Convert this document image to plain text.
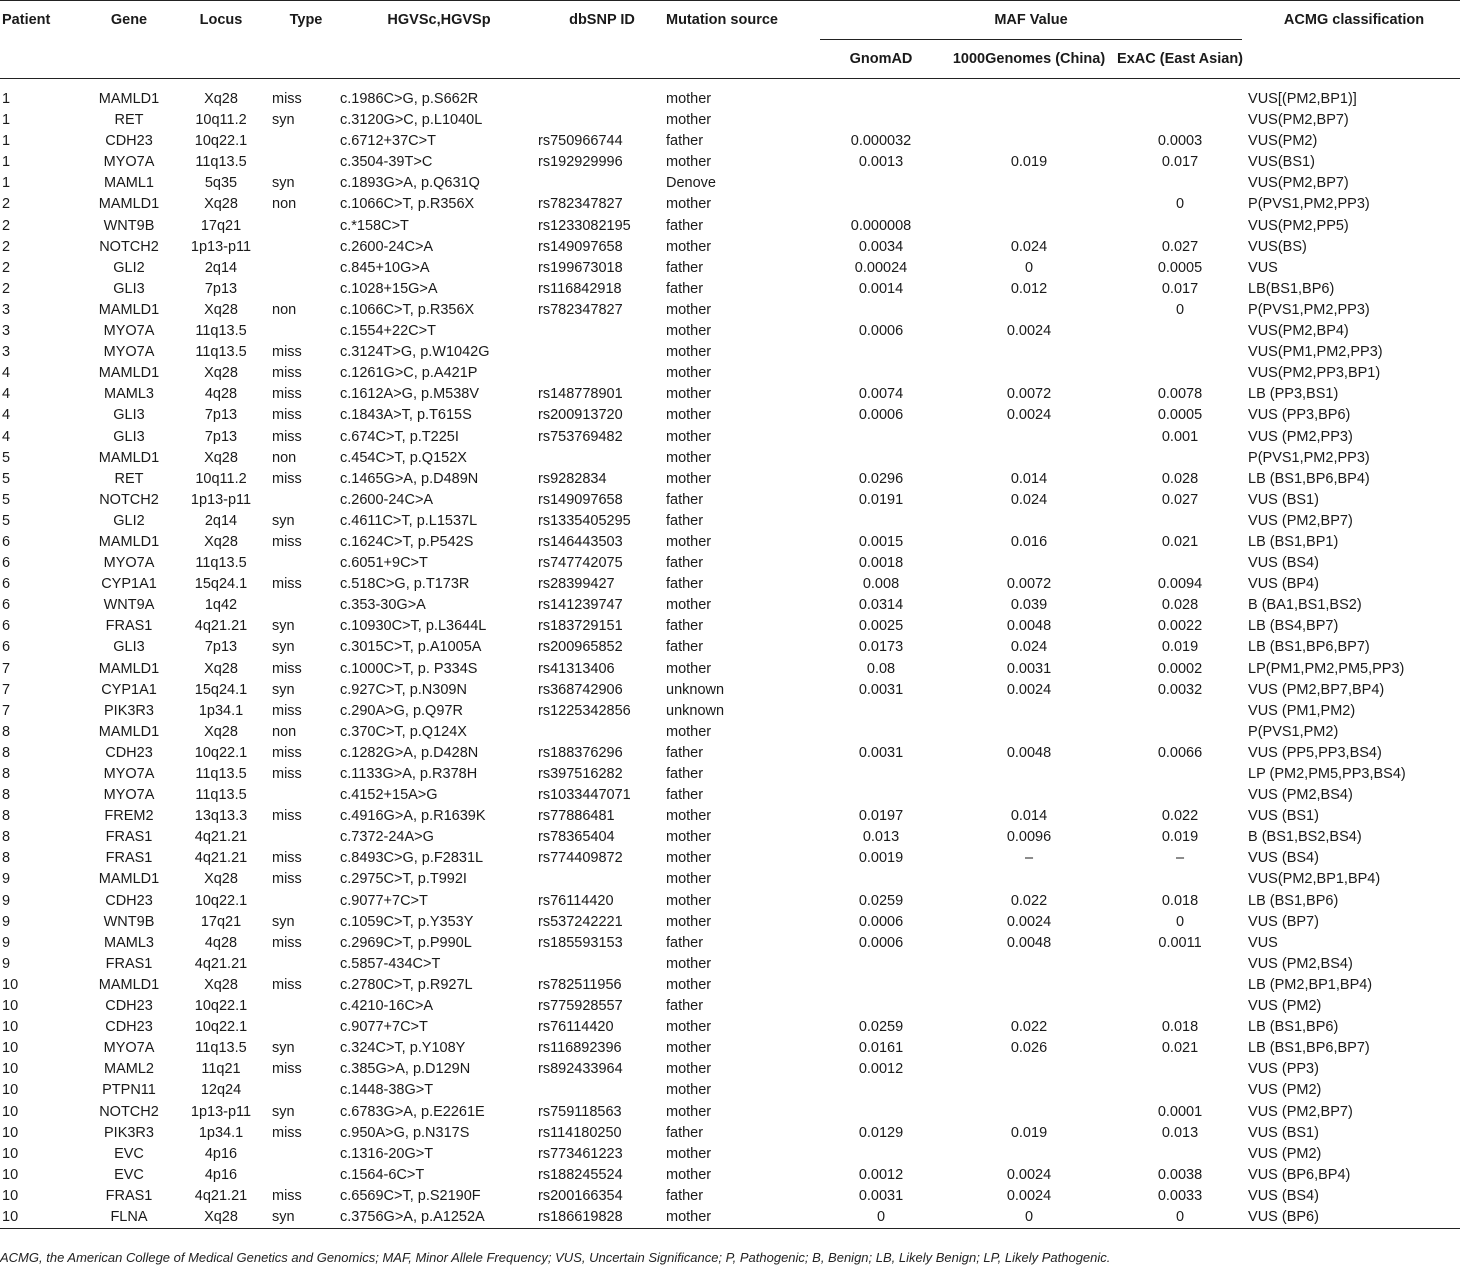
Patient	Gene	Locus	Type	HGVSc,HGVSp	dbSNP ID	Mutation source	MAF Value			ACMG classification
							GnomAD	1000Genomes (China)	ExAC (East Asian)	

1	MAMLD1	Xq28	miss	c.1986C>G, p.S662R		mother				VUS[(PM2,BP1)]
1	RET	10q11.2	syn	c.3120G>C, p.L1040L		mother				VUS(PM2,BP7)
1	CDH23	10q22.1		c.6712+37C>T	rs750966744	father	0.000032		0.0003	VUS(PM2)
1	MYO7A	11q13.5		c.3504-39T>C	rs192929996	mother	0.0013	0.019	0.017	VUS(BS1)
1	MAML1	5q35	syn	c.1893G>A, p.Q631Q		Denove				VUS(PM2,BP7)
2	MAMLD1	Xq28	non	c.1066C>T, p.R356X	rs782347827	mother			0	P(PVS1,PM2,PP3)
2	WNT9B	17q21		c.*158C>T	rs1233082195	father	0.000008			VUS(PM2,PP5)
2	NOTCH2	1p13-p11		c.2600-24C>A	rs149097658	mother	0.0034	0.024	0.027	VUS(BS)
2	GLI2	2q14		c.845+10G>A	rs199673018	father	0.00024	0	0.0005	VUS
2	GLI3	7p13		c.1028+15G>A	rs116842918	father	0.0014	0.012	0.017	LB(BS1,BP6)
3	MAMLD1	Xq28	non	c.1066C>T, p.R356X	rs782347827	mother			0	P(PVS1,PM2,PP3)
3	MYO7A	11q13.5		c.1554+22C>T		mother	0.0006	0.0024		VUS(PM2,BP4)
3	MYO7A	11q13.5	miss	c.3124T>G, p.W1042G		mother				VUS(PM1,PM2,PP3)
4	MAMLD1	Xq28	miss	c.1261G>C, p.A421P		mother				VUS(PM2,PP3,BP1)
4	MAML3	4q28	miss	c.1612A>G, p.M538V	rs148778901	mother	0.0074	0.0072	0.0078	LB (PP3,BS1)
4	GLI3	7p13	miss	c.1843A>T, p.T615S	rs200913720	mother	0.0006	0.0024	0.0005	VUS (PP3,BP6)
4	GLI3	7p13	miss	c.674C>T, p.T225I	rs753769482	mother			0.001	VUS (PM2,PP3)
5	MAMLD1	Xq28	non	c.454C>T, p.Q152X		mother				P(PVS1,PM2,PP3)
5	RET	10q11.2	miss	c.1465G>A, p.D489N	rs9282834	mother	0.0296	0.014	0.028	LB (BS1,BP6,BP4)
5	NOTCH2	1p13-p11		c.2600-24C>A	rs149097658	father	0.0191	0.024	0.027	VUS (BS1)
5	GLI2	2q14	syn	c.4611C>T, p.L1537L	rs1335405295	father				VUS (PM2,BP7)
6	MAMLD1	Xq28	miss	c.1624C>T, p.P542S	rs146443503	mother	0.0015	0.016	0.021	LB (BS1,BP1)
6	MYO7A	11q13.5		c.6051+9C>T	rs747742075	father	0.0018			VUS (BS4)
6	CYP1A1	15q24.1	miss	c.518C>G, p.T173R	rs28399427	father	0.008	0.0072	0.0094	VUS (BP4)
6	WNT9A	1q42		c.353-30G>A	rs141239747	mother	0.0314	0.039	0.028	B (BA1,BS1,BS2)
6	FRAS1	4q21.21	syn	c.10930C>T, p.L3644L	rs183729151	father	0.0025	0.0048	0.0022	LB (BS4,BP7)
6	GLI3	7p13	syn	c.3015C>T, p.A1005A	rs200965852	father	0.0173	0.024	0.019	LB (BS1,BP6,BP7)
7	MAMLD1	Xq28	miss	c.1000C>T, p. P334S	rs41313406	mother	0.08	0.0031	0.0002	LP(PM1,PM2,PM5,PP3)
7	CYP1A1	15q24.1	syn	c.927C>T, p.N309N	rs368742906	unknown	0.0031	0.0024	0.0032	VUS (PM2,BP7,BP4)
7	PIK3R3	1p34.1	miss	c.290A>G, p.Q97R	rs1225342856	unknown				VUS (PM1,PM2)
8	MAMLD1	Xq28	non	c.370C>T, p.Q124X		mother				P(PVS1,PM2)
8	CDH23	10q22.1	miss	c.1282G>A, p.D428N	rs188376296	father	0.0031	0.0048	0.0066	VUS (PP5,PP3,BS4)
8	MYO7A	11q13.5	miss	c.1133G>A, p.R378H	rs397516282	father				LP (PM2,PM5,PP3,BS4)
8	MYO7A	11q13.5		c.4152+15A>G	rs1033447071	father				VUS (PM2,BS4)
8	FREM2	13q13.3	miss	c.4916G>A, p.R1639K	rs77886481	mother	0.0197	0.014	0.022	VUS (BS1)
8	FRAS1	4q21.21		c.7372-24A>G	rs78365404	mother	0.013	0.0096	0.019	B (BS1,BS2,BS4)
8	FRAS1	4q21.21	miss	c.8493C>G, p.F2831L	rs774409872	mother	0.0019	–	–	VUS (BS4)
9	MAMLD1	Xq28	miss	c.2975C>T, p.T992I		mother				VUS(PM2,BP1,BP4)
9	CDH23	10q22.1		c.9077+7C>T	rs76114420	mother	0.0259	0.022	0.018	LB (BS1,BP6)
9	WNT9B	17q21	syn	c.1059C>T, p.Y353Y	rs537242221	mother	0.0006	0.0024	0	VUS (BP7)
9	MAML3	4q28	miss	c.2969C>T, p.P990L	rs185593153	father	0.0006	0.0048	0.0011	VUS
9	FRAS1	4q21.21		c.5857-434C>T		mother				VUS (PM2,BS4)
10	MAMLD1	Xq28	miss	c.2780C>T, p.R927L	rs782511956	mother				LB (PM2,BP1,BP4)
10	CDH23	10q22.1		c.4210-16C>A	rs775928557	father				VUS (PM2)
10	CDH23	10q22.1		c.9077+7C>T	rs76114420	mother	0.0259	0.022	0.018	LB (BS1,BP6)
10	MYO7A	11q13.5	syn	c.324C>T, p.Y108Y	rs116892396	mother	0.0161	0.026	0.021	LB (BS1,BP6,BP7)
10	MAML2	11q21	miss	c.385G>A, p.D129N	rs892433964	mother	0.0012			VUS (PP3)
10	PTPN11	12q24		c.1448-38G>T		mother				VUS (PM2)
10	NOTCH2	1p13-p11	syn	c.6783G>A, p.E2261E	rs759118563	mother			0.0001	VUS (PM2,BP7)
10	PIK3R3	1p34.1	miss	c.950A>G, p.N317S	rs114180250	father	0.0129	0.019	0.013	VUS (BS1)
10	EVC	4p16		c.1316-20G>T	rs773461223	mother				VUS (PM2)
10	EVC	4p16		c.1564-6C>T	rs188245524	mother	0.0012	0.0024	0.0038	VUS (BP6,BP4)
10	FRAS1	4q21.21	miss	c.6569C>T, p.S2190F	rs200166354	father	0.0031	0.0024	0.0033	VUS (BS4)
10	FLNA	Xq28	syn	c.3756G>A, p.A1252A	rs186619828	mother	0	0	0	VUS (BP6)
ACMG, the American College of Medical Genetics and Genomics; MAF, Minor Allele Frequency; VUS, Uncertain Significance; P, Pathogenic; B, Benign; LB, Likely Benign; LP, Likely Pathogenic.
